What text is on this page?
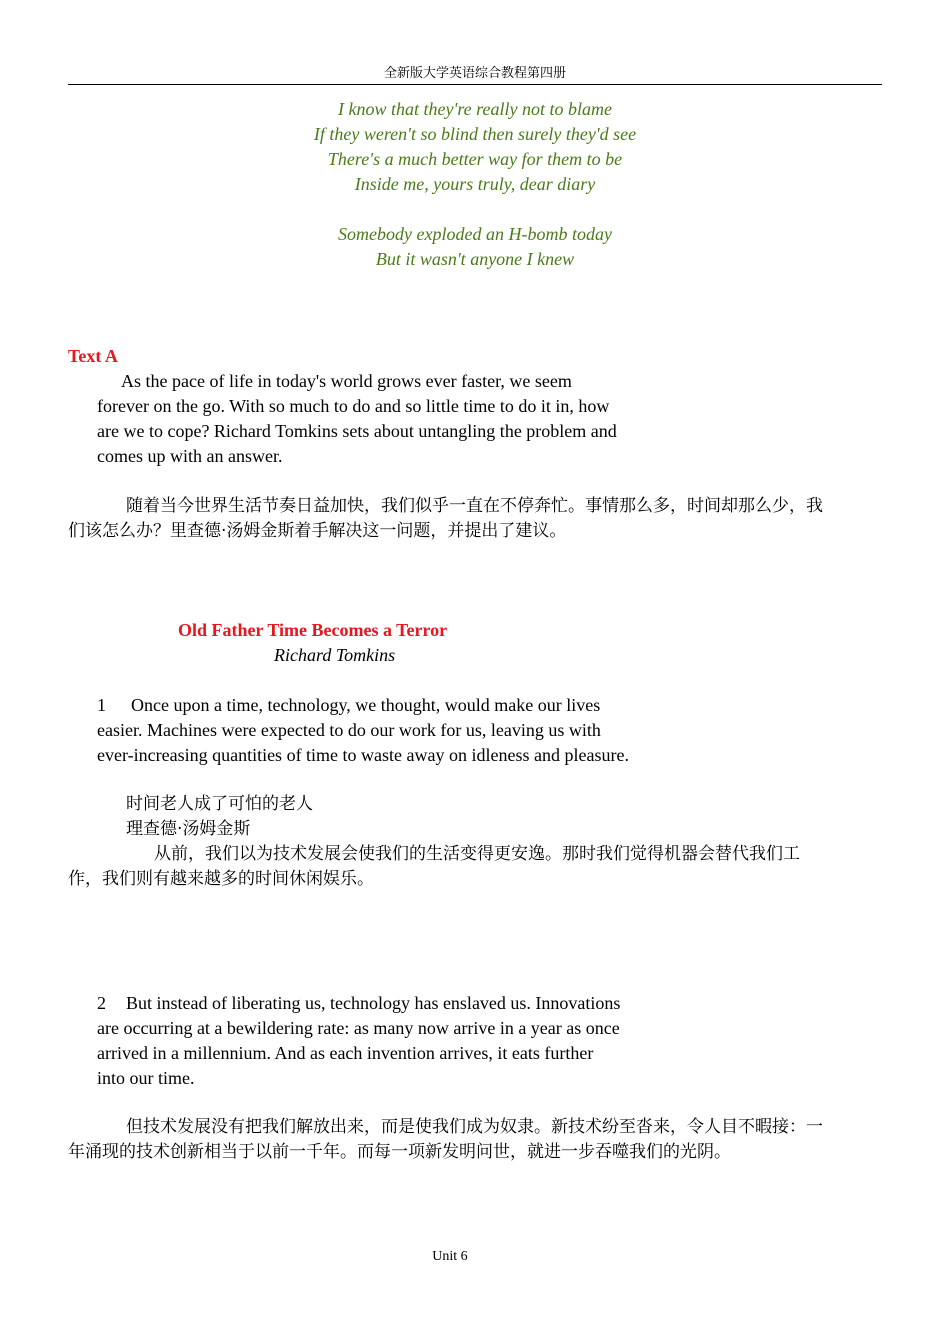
全新版大学英语综合教程第四册
I know that they're really not to blame
If they weren't so blind then surely they'd see
There's a much better way for them to be
Inside me, yours truly, dear diary
Somebody exploded an H-bomb today
But it wasn't anyone I knew
Text A
As the pace of life in today's world grows ever faster, we seem
forever on the go. With so much to do and so little time to do it in, how
are we to cope? Richard Tomkins sets about untangling the problem and
comes up with an answer.
随着当今世界生活节奏日益加快，我们似乎一直在不停奔忙。事情那么多，时间却那么少，我
们该怎么办？里查德·汤姆金斯着手解决这一问题，并提出了建议。
Old Father Time Becomes a Terror
Richard Tomkins
1 Once upon a time, technology, we thought, would make our lives
easier. Machines were expected to do our work for us, leaving us with
ever-increasing quantities of time to waste away on idleness and pleasure.
时间老人成了可怕的老人
理查德·汤姆金斯
从前，我们以为技术发展会使我们的生活变得更安逸。那时我们觉得机器会替代我们工
作，我们则有越来越多的时间休闲娱乐。
2 But instead of liberating us, technology has enslaved us. Innovations
are occurring at a bewildering rate: as many now arrive in a year as once
arrived in a millennium. And as each invention arrives, it eats further
into our time.
但技术发展没有把我们解放出来，而是使我们成为奴隶。新技术纷至沓来，令人目不暇接：一
年涌现的技术创新相当于以前一千年。而每一项新发明问世，就进一步吞噬我们的光阴。
Unit 6
